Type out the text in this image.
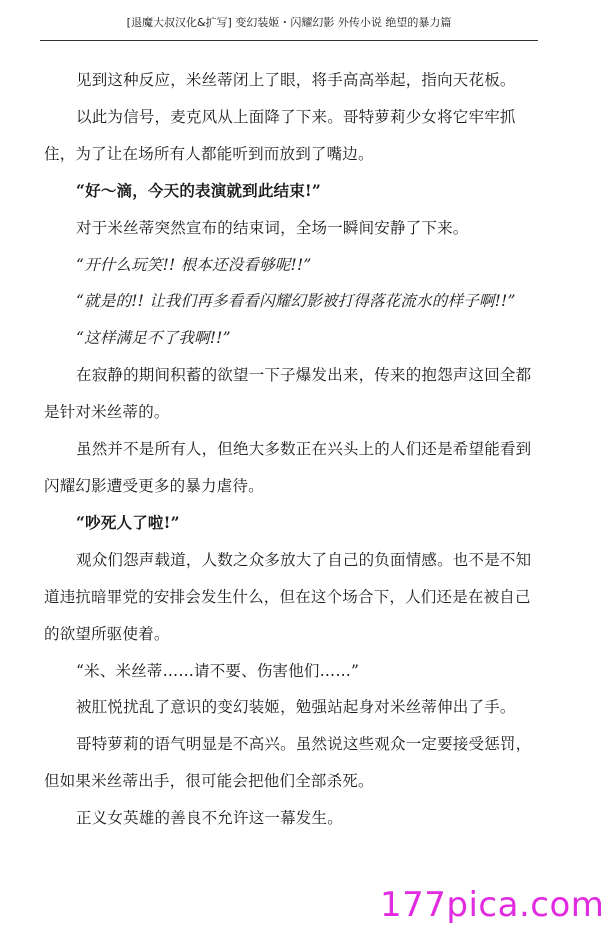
[退魔大叔汉化&扩写] 变幻装姬・闪耀幻影 外传小说 绝望的暴力篇

见到这种反应，米丝蒂闭上了眼，将手高高举起，指向天花板。

以此为信号，麦克风从上面降了下来。哥特萝莉少女将它牢牢抓住，为了让在场所有人都能听到而放到了嘴边。

“好～滴，今天的表演就到此结束!”

对于米丝蒂突然宣布的结束词，全场一瞬间安静了下来。

“开什么玩笑!! 根本还没看够呢!!”

“就是的!! 让我们再多看看闪耀幻影被打得落花流水的样子啊!!”

“这样满足不了我啊!!”

在寂静的期间积蓄的欲望一下子爆发出来，传来的抱怨声这回全都是针对米丝蒂的。

虽然并不是所有人，但绝大多数正在兴头上的人们还是希望能看到闪耀幻影遭受更多的暴力虐待。

“吵死人了啦!”

观众们怨声载道，人数之众多放大了自己的负面情感。也不是不知道违抗暗罪党的安排会发生什么，但在这个场合下，人们还是在被自己的欲望所驱使着。

“米、米丝蒂……请不要、伤害他们……”

被肛悦扰乱了意识的变幻装姬，勉强站起身对米丝蒂伸出了手。

哥特萝莉的语气明显是不高兴。虽然说这些观众一定要接受惩罚，但如果米丝蒂出手，很可能会把他们全部杀死。

正义女英雄的善良不允许这一幕发生。

177pica.com
